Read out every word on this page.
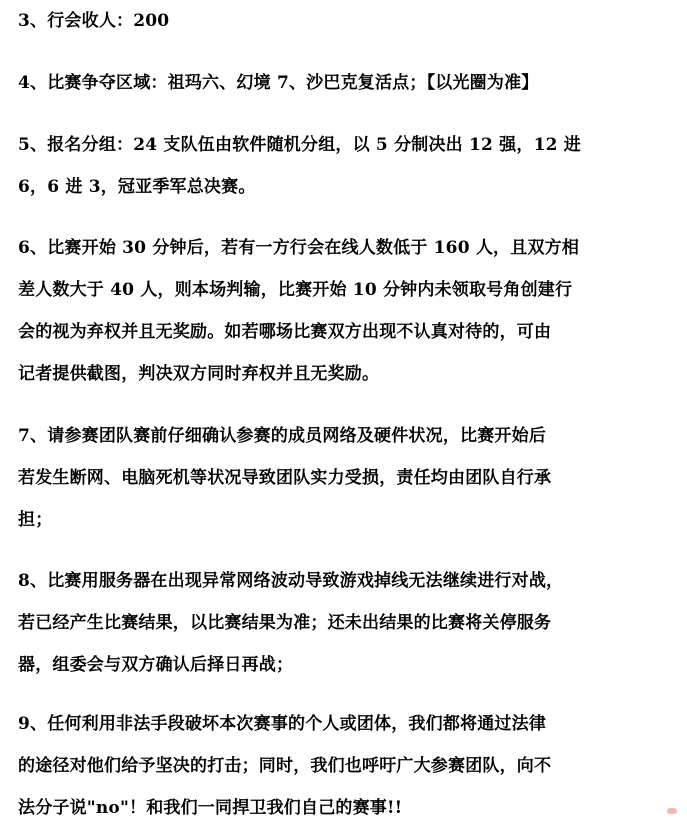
3、行会收人：200
4、比赛争夺区域：祖玛六、幻境 7、沙巴克复活点；【以光圈为准】
5、报名分组：24 支队伍由软件随机分组，以 5 分制决出 12 强，12 进
6，6 进 3，冠亚季军总决赛。
6、比赛开始 30 分钟后，若有一方行会在线人数低于 160 人，且双方相
差人数大于 40 人，则本场判输，比赛开始 10 分钟内未领取号角创建行
会的视为弃权并且无奖励。如若哪场比赛双方出现不认真对待的，可由
记者提供截图，判决双方同时弃权并且无奖励。
7、请参赛团队赛前仔细确认参赛的成员网络及硬件状况，比赛开始后
若发生断网、电脑死机等状况导致团队实力受损，责任均由团队自行承
担；
8、比赛用服务器在出现异常网络波动导致游戏掉线无法继续进行对战，
若已经产生比赛结果，以比赛结果为准；还未出结果的比赛将关停服务
器，组委会与双方确认后择日再战；
9、任何利用非法手段破坏本次赛事的个人或团体，我们都将通过法律
的途径对他们给予坚决的打击；同时，我们也呼吁广大参赛团队，向不
法分子说"no"！和我们一同捍卫我们自己的赛事!!
